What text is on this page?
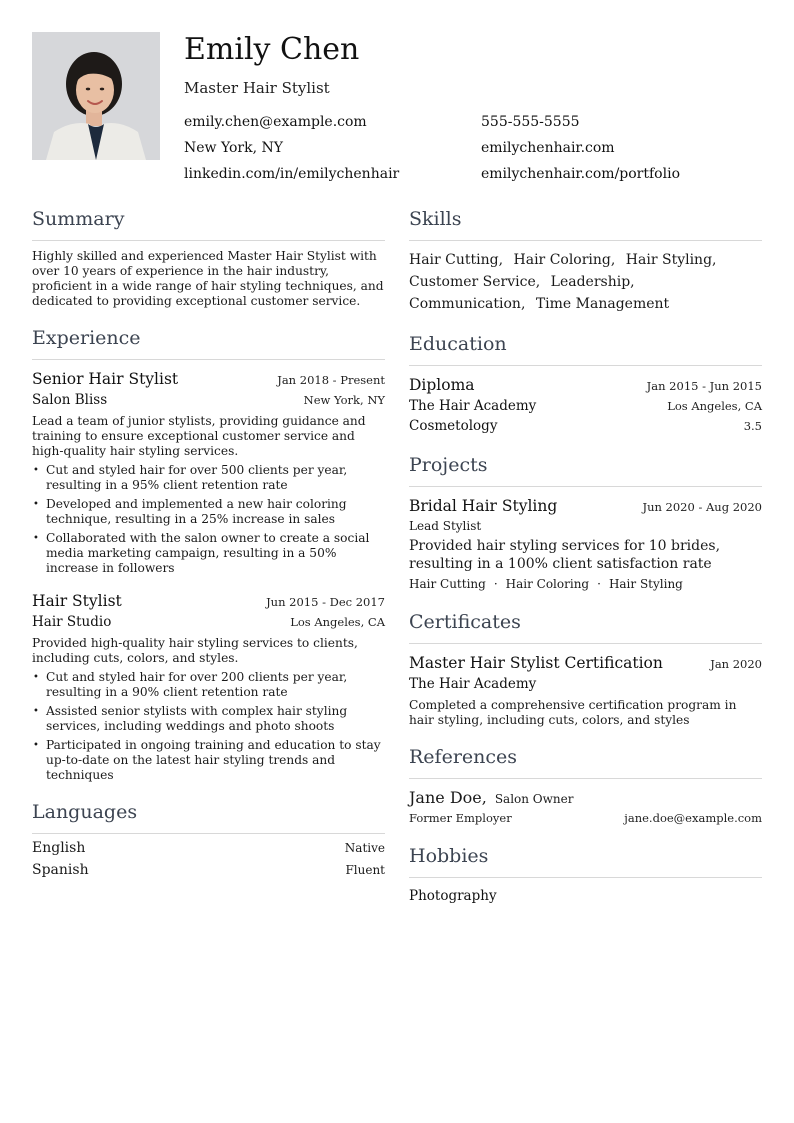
Emily Chen
Master Hair Stylist
emily.chen@example.com	555-555-5555
New York, NY	emilychenhair.com
linkedin.com/in/emilychenhair	emilychenhair.com/portfolio
Summary
Highly skilled and experienced Master Hair Stylist with over 10 years of experience in the hair industry, proficient in a wide range of hair styling techniques, and dedicated to providing exceptional customer service.
Experience
Senior Hair Stylist	Jan 2018 - Present
Salon Bliss	New York, NY
Lead a team of junior stylists, providing guidance and training to ensure exceptional customer service and high-quality hair styling services.
• Cut and styled hair for over 500 clients per year, resulting in a 95% client retention rate
• Developed and implemented a new hair coloring technique, resulting in a 25% increase in sales
• Collaborated with the salon owner to create a social media marketing campaign, resulting in a 50% increase in followers
Hair Stylist	Jun 2015 - Dec 2017
Hair Studio	Los Angeles, CA
Provided high-quality hair styling services to clients, including cuts, colors, and styles.
• Cut and styled hair for over 200 clients per year, resulting in a 90% client retention rate
• Assisted senior stylists with complex hair styling services, including weddings and photo shoots
• Participated in ongoing training and education to stay up-to-date on the latest hair styling trends and techniques
Languages
English	Native
Spanish	Fluent
Skills
Hair Cutting, Hair Coloring, Hair Styling, Customer Service, Leadership, Communication, Time Management
Education
Diploma	Jan 2015 - Jun 2015
The Hair Academy	Los Angeles, CA
Cosmetology	3.5
Projects
Bridal Hair Styling	Jun 2020 - Aug 2020
Lead Stylist
Provided hair styling services for 10 brides, resulting in a 100% client satisfaction rate
Hair Cutting · Hair Coloring · Hair Styling
Certificates
Master Hair Stylist Certification	Jan 2020
The Hair Academy
Completed a comprehensive certification program in hair styling, including cuts, colors, and styles
References
Jane Doe, Salon Owner
Former Employer	jane.doe@example.com
Hobbies
Photography
